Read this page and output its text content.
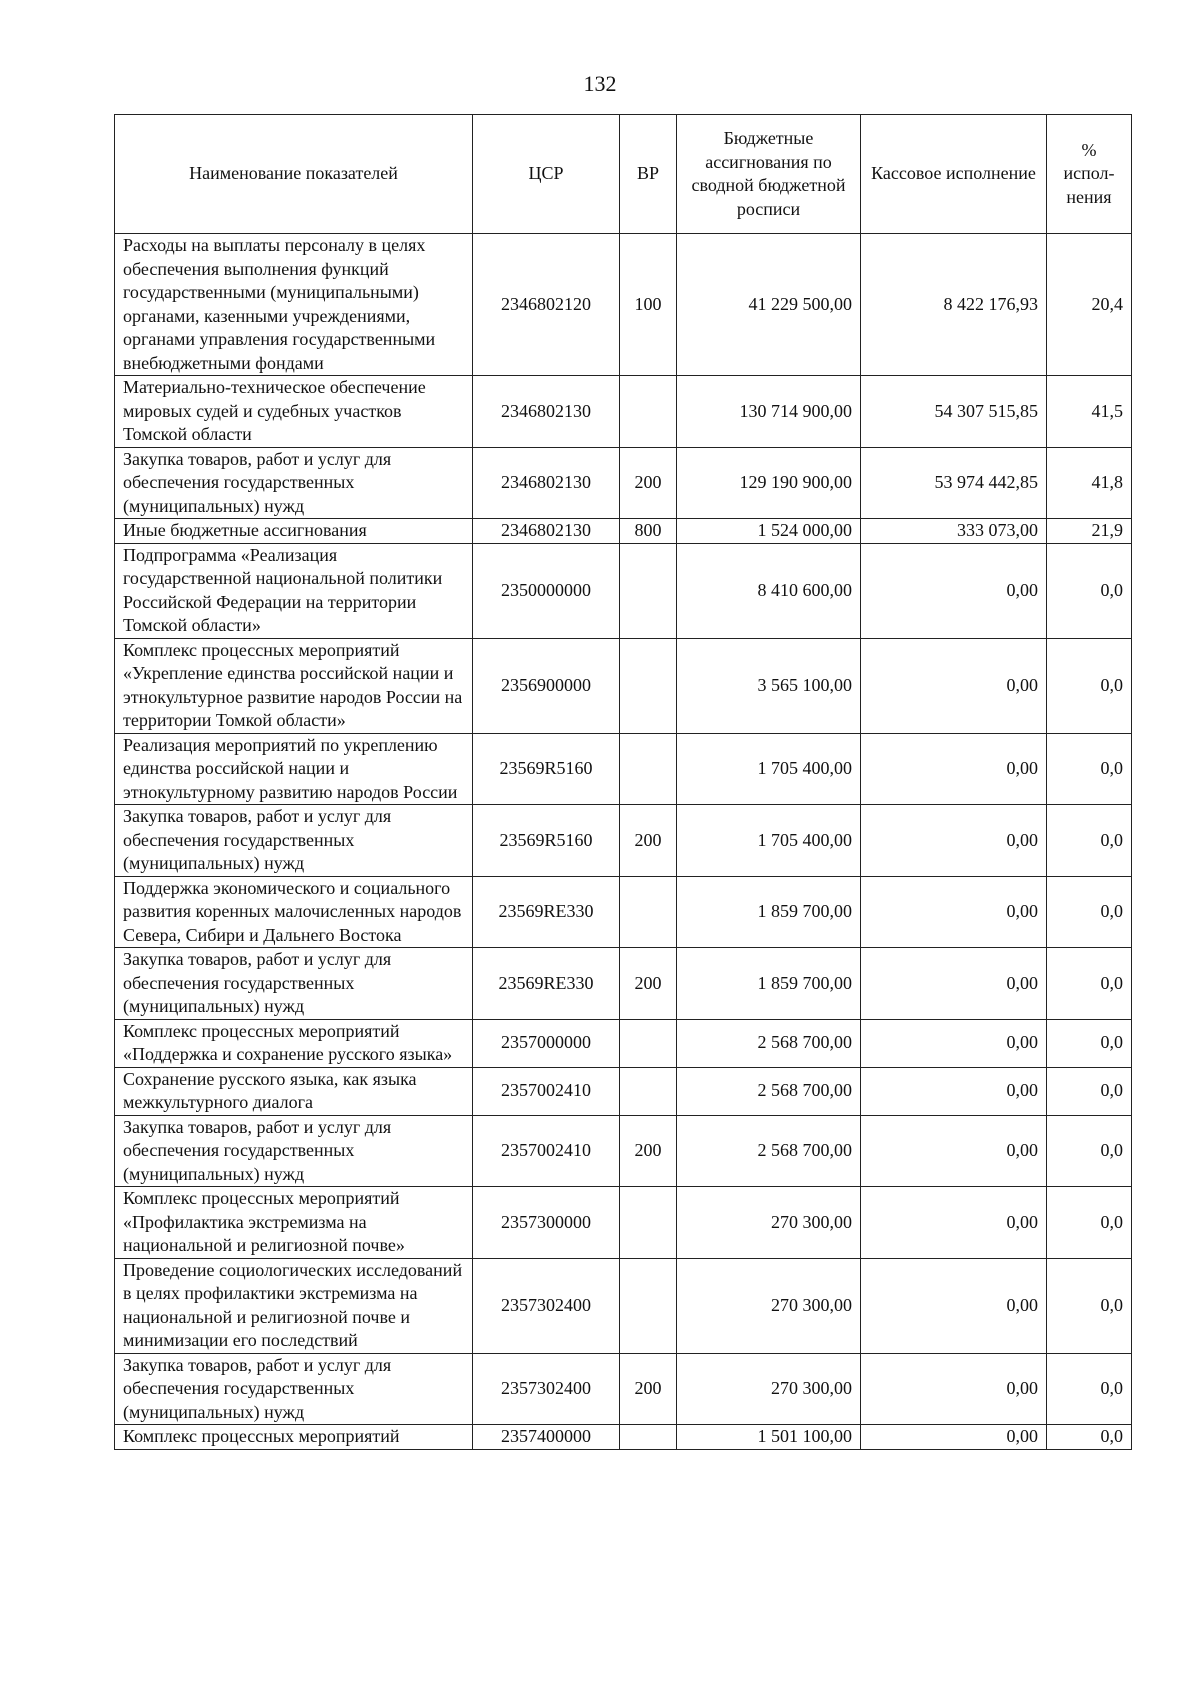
132
Наименование показателей	ЦСР	ВР	Бюджетные ассигнования по сводной бюджетной росписи	Кассовое исполнение	% испол-нения
Расходы на выплаты персоналу в целях обеспечения выполнения функций государственными (муниципальными) органами, казенными учреждениями, органами управления государственными внебюджетными фондами	2346802120	100	41 229 500,00	8 422 176,93	20,4
Материально-техническое обеспечение мировых судей и судебных участков Томской области	2346802130		130 714 900,00	54 307 515,85	41,5
Закупка товаров, работ и услуг для обеспечения государственных (муниципальных) нужд	2346802130	200	129 190 900,00	53 974 442,85	41,8
Иные бюджетные ассигнования	2346802130	800	1 524 000,00	333 073,00	21,9
Подпрограмма «Реализация государственной национальной политики Российской Федерации на территории Томской области»	2350000000		8 410 600,00	0,00	0,0
Комплекс процессных мероприятий «Укрепление единства российской нации и этнокультурное развитие народов России на территории Томкой области»	2356900000		3 565 100,00	0,00	0,0
Реализация мероприятий по укреплению единства российской нации и этнокультурному развитию народов России	23569R5160		1 705 400,00	0,00	0,0
Закупка товаров, работ и услуг для обеспечения государственных (муниципальных) нужд	23569R5160	200	1 705 400,00	0,00	0,0
Поддержка экономического и социального развития коренных малочисленных народов Севера, Сибири и Дальнего Востока	23569RE330		1 859 700,00	0,00	0,0
Закупка товаров, работ и услуг для обеспечения государственных (муниципальных) нужд	23569RE330	200	1 859 700,00	0,00	0,0
Комплекс процессных мероприятий «Поддержка и сохранение русского языка»	2357000000		2 568 700,00	0,00	0,0
Сохранение русского языка, как языка межкультурного диалога	2357002410		2 568 700,00	0,00	0,0
Закупка товаров, работ и услуг для обеспечения государственных (муниципальных) нужд	2357002410	200	2 568 700,00	0,00	0,0
Комплекс процессных мероприятий «Профилактика экстремизма на национальной и религиозной почве»	2357300000		270 300,00	0,00	0,0
Проведение социологических исследований в целях профилактики экстремизма на национальной и религиозной почве и минимизации его последствий	2357302400		270 300,00	0,00	0,0
Закупка товаров, работ и услуг для обеспечения государственных (муниципальных) нужд	2357302400	200	270 300,00	0,00	0,0
Комплекс процессных мероприятий	2357400000		1 501 100,00	0,00	0,0
